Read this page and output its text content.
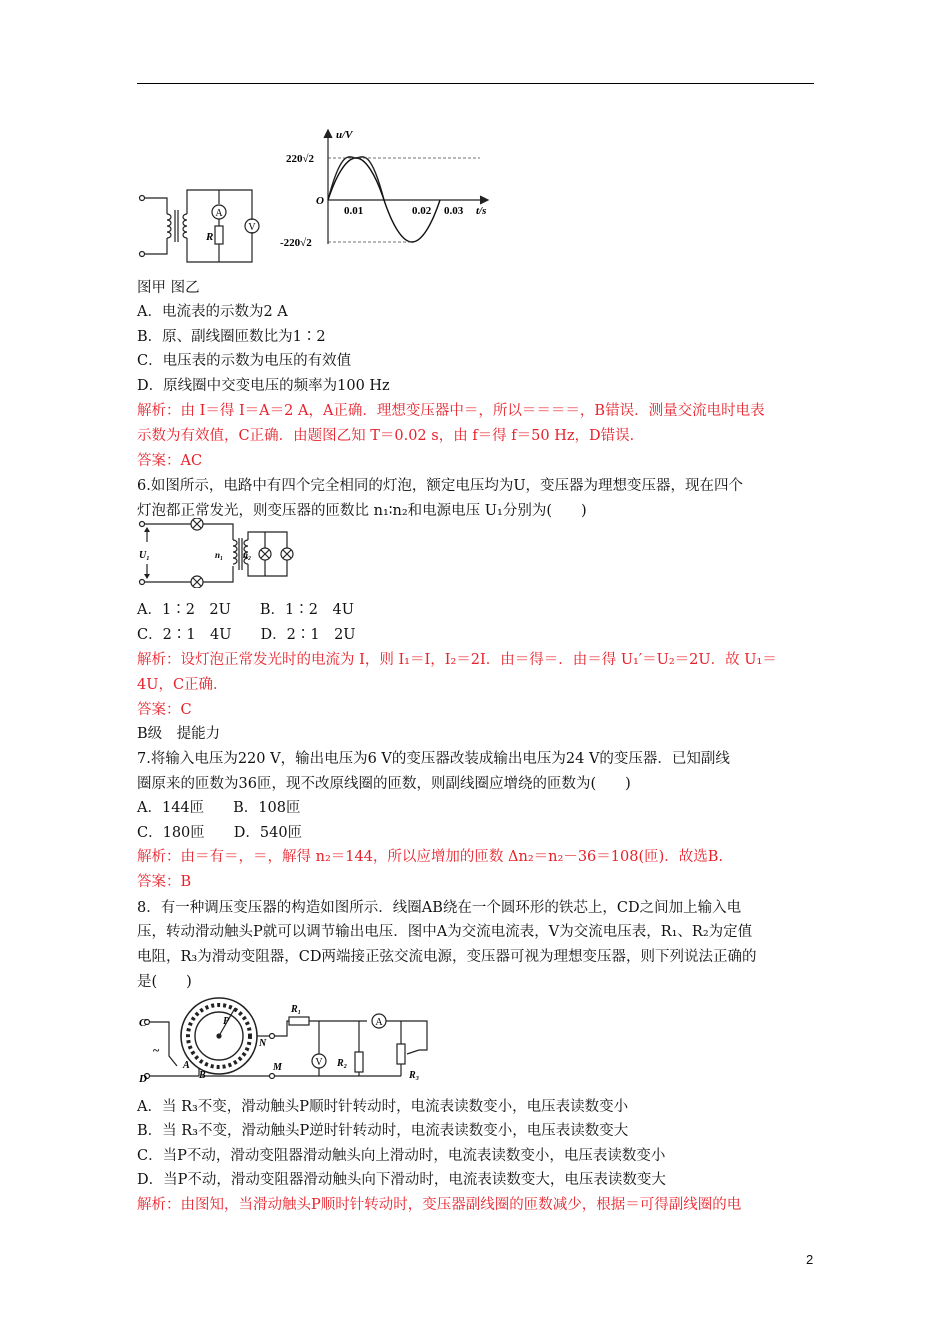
A
V
R
u/V
t/s
220√2
-220√2
O
0.01	0.02 0.03
图甲 图乙
A．电流表的示数为2 A
B．原、副线圈匝数比为1∶2
C．电压表的示数为电压的有效值
D．原线圈中交变电压的频率为100 Hz
解析：由 I＝得 I＝A＝2 A，A正确．理想变压器中＝，所以＝＝＝＝，B错误．测量交流电时电表
示数为有效值，C正确．由题图乙知 T＝0.02 s，由 f＝得 f＝50 Hz，D错误．
答案：AC
6.如图所示，电路中有四个完全相同的灯泡，额定电压均为U，变压器为理想变压器，现在四个
灯泡都正常发光，则变压器的匝数比 n₁∶n₂和电源电压 U₁分别为(　　)
A．1∶2　2U　　B．1∶2　4U
C．2∶1　4U　　D．2∶1　2U
解析：设灯泡正常发光时的电流为 I，则 I₁＝I，I₂＝2I．由＝得＝．由＝得 U₁′＝U₂＝2U．故 U₁＝
4U，C正确．
答案：C
B级　提能力
7.将输入电压为220 V，输出电压为6 V的变压器改装成输出电压为24 V的变压器．已知副线
圈原来的匝数为36匝，现不改原线圈的匝数，则副线圈应增绕的匝数为(　　)
A．144匝　　B．108匝
C．180匝　　D．540匝
解析：由＝有＝，＝，解得 n₂＝144，所以应增加的匝数 Δn₂＝n₂－36＝108(匝)．故选B.
答案：B
8．有一种调压变压器的构造如图所示．线圈AB绕在一个圆环形的铁芯上，CD之间加上输入电
压，转动滑动触头P就可以调节输出电压．图中A为交流电流表，V为交流电压表，R₁、R₂为定值
电阻，R₃为滑动变阻器，CD两端接正弦交流电源，变压器可视为理想变压器，则下列说法正确的
是(　　)
A．当 R₃不变，滑动触头P顺时针转动时，电流表读数变小，电压表读数变小
B．当 R₃不变，滑动触头P逆时针转动时，电流表读数变小，电压表读数变大
C．当P不动，滑动变阻器滑动触头向上滑动时，电流表读数变小，电压表读数变小
D．当P不动，滑动变阻器滑动触头向下滑动时，电流表读数变大，电压表读数变大
解析：由图知，当滑动触头P顺时针转动时，变压器副线圈的匝数减少，根据＝可得副线圈的电
U₁	n₁ n₂
C
D
~
P
N
M
A
B
R₁
R₂
R₃
A
V
2
